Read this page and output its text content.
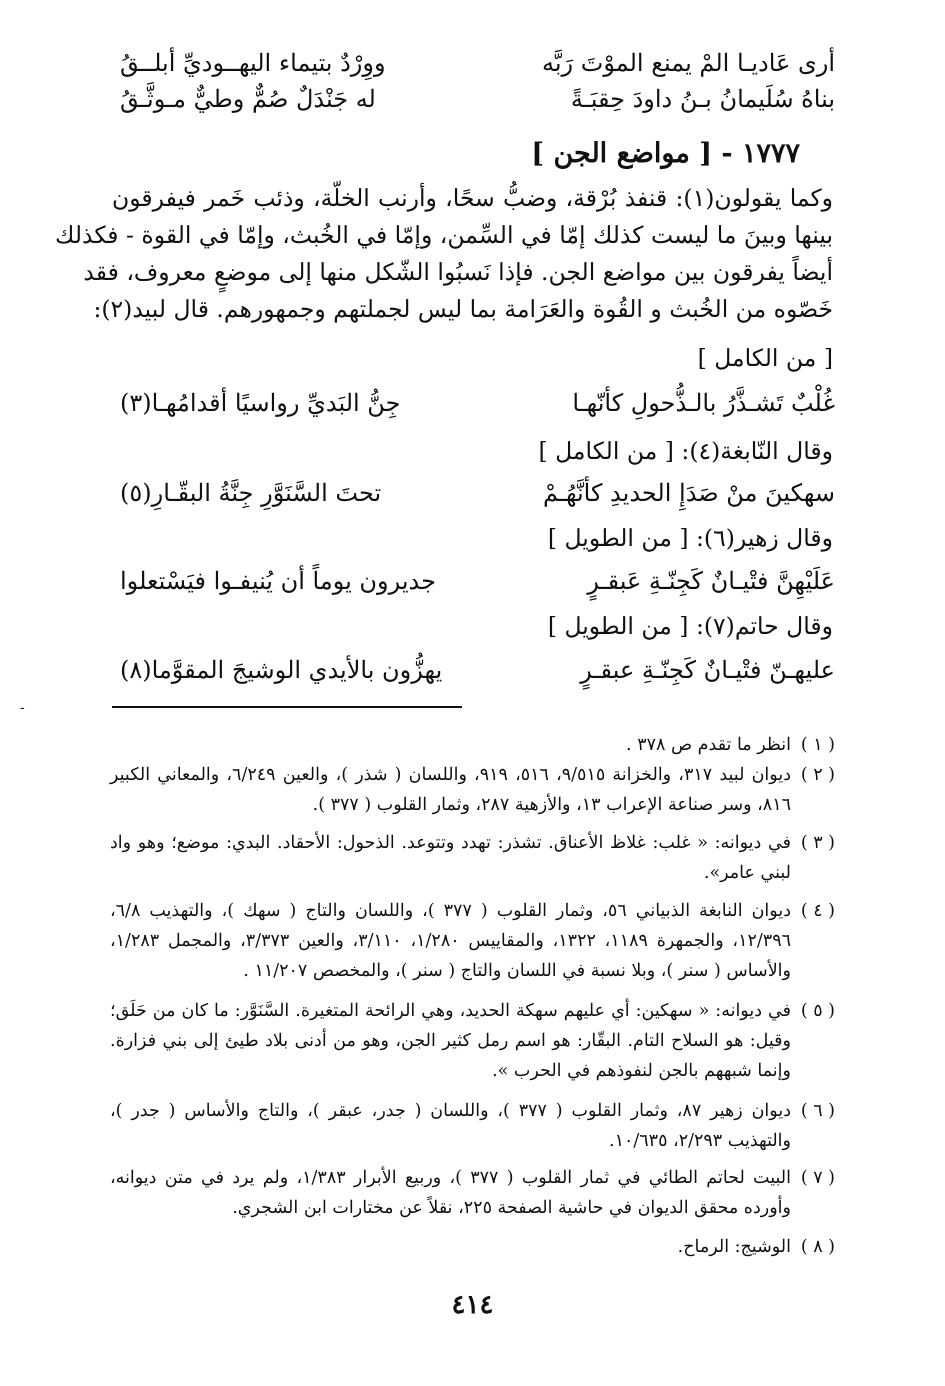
أرى عَاديـا المْ يمنع الموْتَ رَبَّه
ووِرْدٌ بتيماء اليهــوديِّ أبلــقُ
بناهُ سُلَيمانُ بـنُ داودَ حِقبَـةً
له جَنْدَلٌ صُمٌّ وطيٌّ مـوثَّـقُ
١٧٧٧ - [ مواضع الجن ]
وكما يقولون(١): قنفذ بُرْقة، وضبُّ سحًا، وأرنب الخلّة، وذئب خَمر فيفرقون
بينها وبينَ ما ليست كذلك إمّا في السِّمن، وإمّا في الخُبث، وإمّا في القوة - فكذلك
أيضاً يفرقون بين مواضع الجن. فإذا نَسبُوا الشّكل منها إلى موضعٍ معروف، فقد
خَصّوه من الخُبث و القُوة والعَرَامة بما ليس لجملتهم وجمهورهم. قال لبيد(٢):
[ من الكامل ]
غُلْبٌ تَشـذَّرُ بالـذُّحولِ كأنّهـا
جِنُّ البَديِّ رواسيًا أقدامُهـا(٣)
وقال النّابغة(٤): [ من الكامل ]
سهكينَ منْ صَدَإِ الحديدِ كأنَّهُـمْ
تحتَ السَّنَوَّرِ جِنَّةُ البقّـارِ(٥)
وقال زهير(٦): [ من الطويل ]
عَلَيْهِنَّ فتْيـانٌ كَجِنّـةِ عَبقـرٍ
جديرون يوماً أن يُنيفـوا فيَسْتعلوا
وقال حاتم(٧): [ من الطويل ]
عليهـنّ فتْيـانٌ كَجِنّـةِ عبقـرٍ
يهزُّون بالأيدي الوشيجَ المقوَّما(٨)
-
( ١ )
انظر ما تقدم ص ٣٧٨ .
( ٢ )
ديوان لبيد ٣١٧، والخزانة ٩/٥١٥، ٥١٦، ٩١٩، واللسان ( شذر )، والعين ٦/٢٤٩، والمعاني الكبير ٨١٦، وسر صناعة الإعراب ١٣، والأزهية ٢٨٧، وثمار القلوب ( ٣٧٧ ).
( ٣ )
في ديوانه: « غلب: غلاظ الأعناق. تشذر: تهدد وتتوعد. الذحول: الأحقاد. البدي: موضع؛ وهو واد لبني عامر».
( ٤ )
ديوان النابغة الذبياني ٥٦، وثمار القلوب ( ٣٧٧ )، واللسان والتاج ( سهك )، والتهذيب ٦/٨، ١٢/٣٩٦، والجمهرة ١١٨٩، ١٣٢٢، والمقاييس ١/٢٨٠، ٣/١١٠، والعين ٣/٣٧٣، والمجمل ١/٢٨٣، والأساس ( سنر )، وبلا نسبة في اللسان والتاج ( سنر )، والمخصص ١١/٢٠٧ .
( ٥ )
في ديوانه: « سهكين: أي عليهم سهكة الحديد، وهي الرائحة المتغيرة. السَّنَوَّر: ما كان من حَلَق؛ وقيل: هو السلاح التام. البقّار: هو اسم رمل كثير الجن، وهو من أدنى بلاد طيئ إلى بني فزارة. وإنما شبههم بالجن لنفوذهم في الحرب ».
( ٦ )
ديوان زهير ٨٧، وثمار القلوب ( ٣٧٧ )، واللسان ( جدر، عبقر )، والتاج والأساس ( جدر )، والتهذيب ٢/٢٩٣، ١٠/٦٣٥.
( ٧ )
البيت لحاتم الطائي في ثمار القلوب ( ٣٧٧ )، وربيع الأبرار ١/٣٨٣، ولم يرد في متن ديوانه، وأورده محقق الديوان في حاشية الصفحة ٢٢٥، نقلاً عن مختارات ابن الشجري.
( ٨ )
الوشيج: الرماح.
٤١٤
